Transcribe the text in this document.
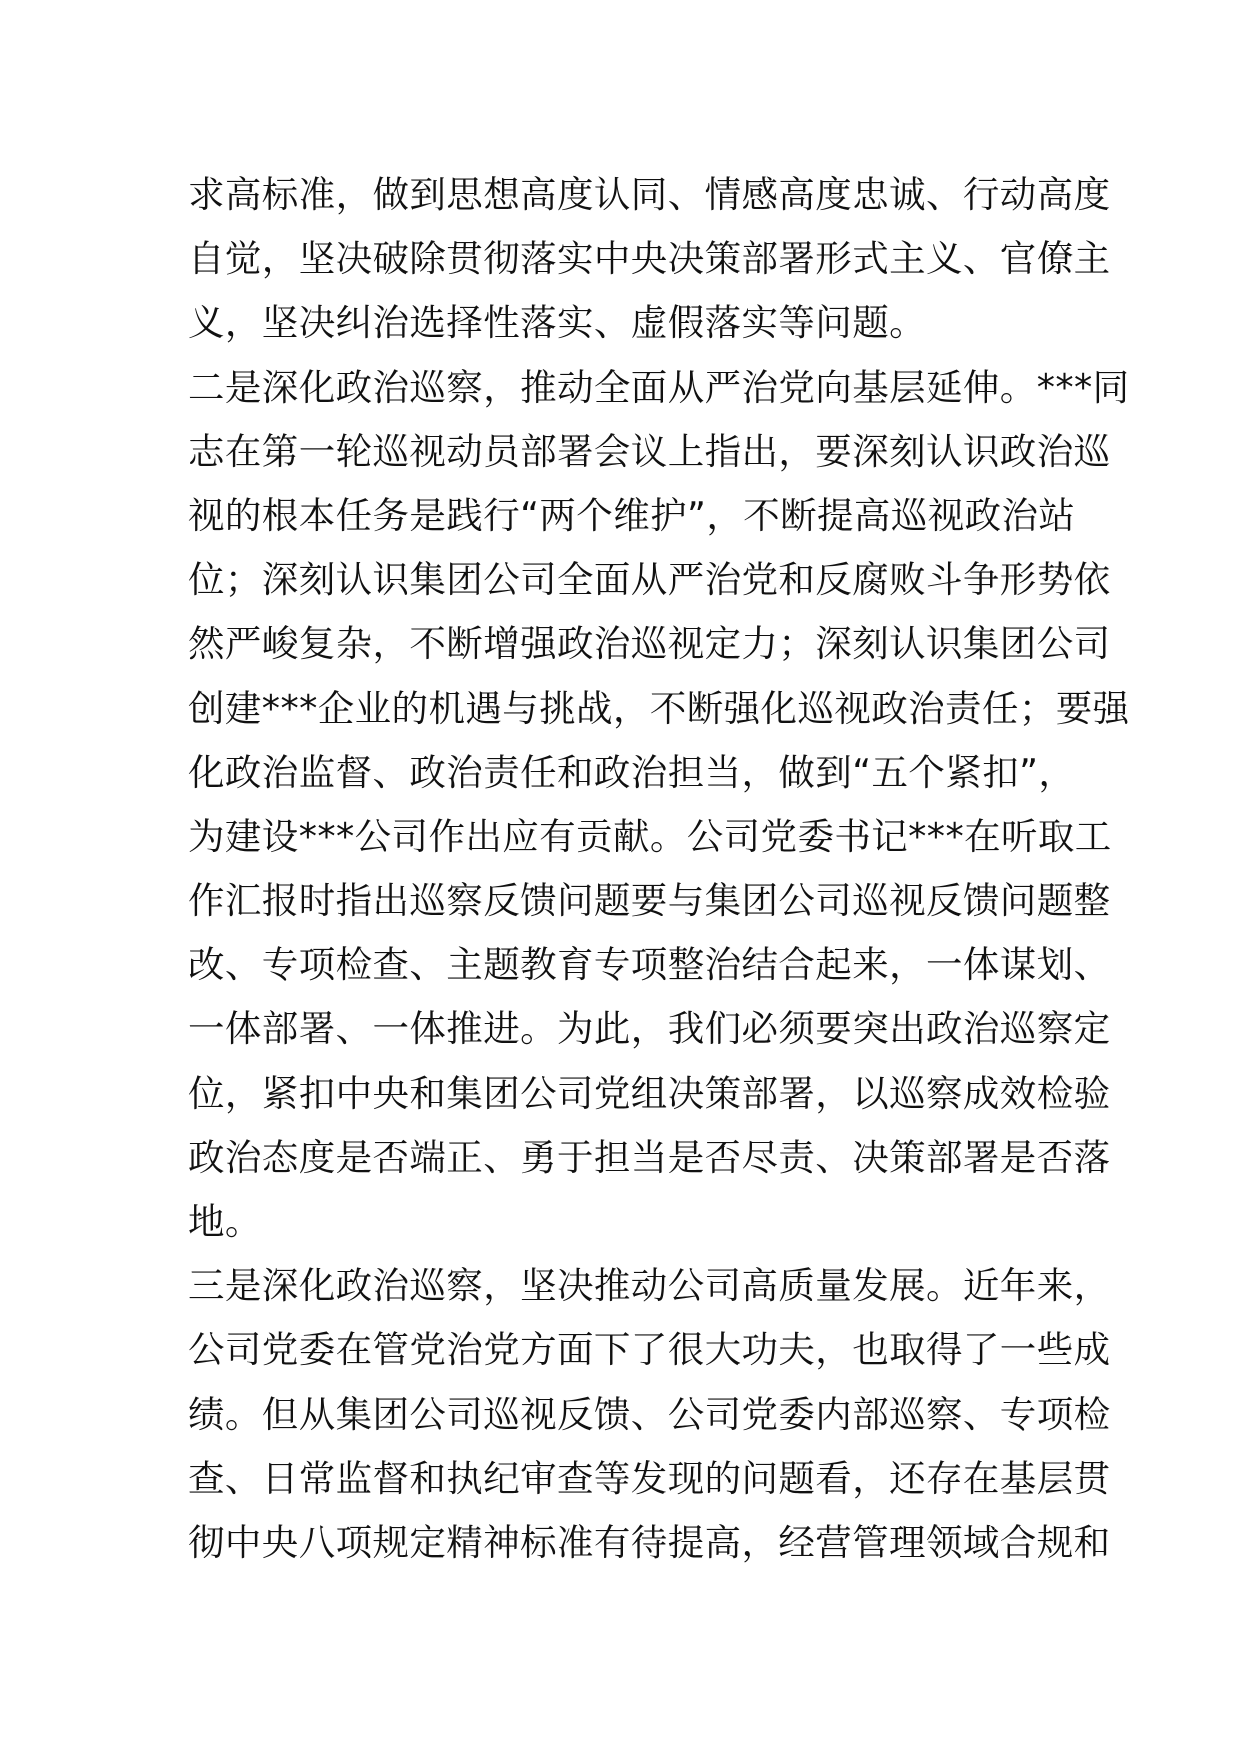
求高标准，做到思想高度认同、情感高度忠诚、行动高度
自觉，坚决破除贯彻落实中央决策部署形式主义、官僚主
义，坚决纠治选择性落实、虚假落实等问题。
二是深化政治巡察，推动全面从严治党向基层延伸。***同
志在第一轮巡视动员部署会议上指出，要深刻认识政治巡
视的根本任务是践行“两个维护”，不断提高巡视政治站
位；深刻认识集团公司全面从严治党和反腐败斗争形势依
然严峻复杂，不断增强政治巡视定力；深刻认识集团公司
创建***企业的机遇与挑战，不断强化巡视政治责任；要强
化政治监督、政治责任和政治担当，做到“五个紧扣”，
为建设***公司作出应有贡献。公司党委书记***在听取工
作汇报时指出巡察反馈问题要与集团公司巡视反馈问题整
改、专项检查、主题教育专项整治结合起来，一体谋划、
一体部署、一体推进。为此，我们必须要突出政治巡察定
位，紧扣中央和集团公司党组决策部署，以巡察成效检验
政治态度是否端正、勇于担当是否尽责、决策部署是否落
地。
三是深化政治巡察，坚决推动公司高质量发展。近年来，
公司党委在管党治党方面下了很大功夫，也取得了一些成
绩。但从集团公司巡视反馈、公司党委内部巡察、专项检
查、日常监督和执纪审查等发现的问题看，还存在基层贯
彻中央八项规定精神标准有待提高，经营管理领域合规和
